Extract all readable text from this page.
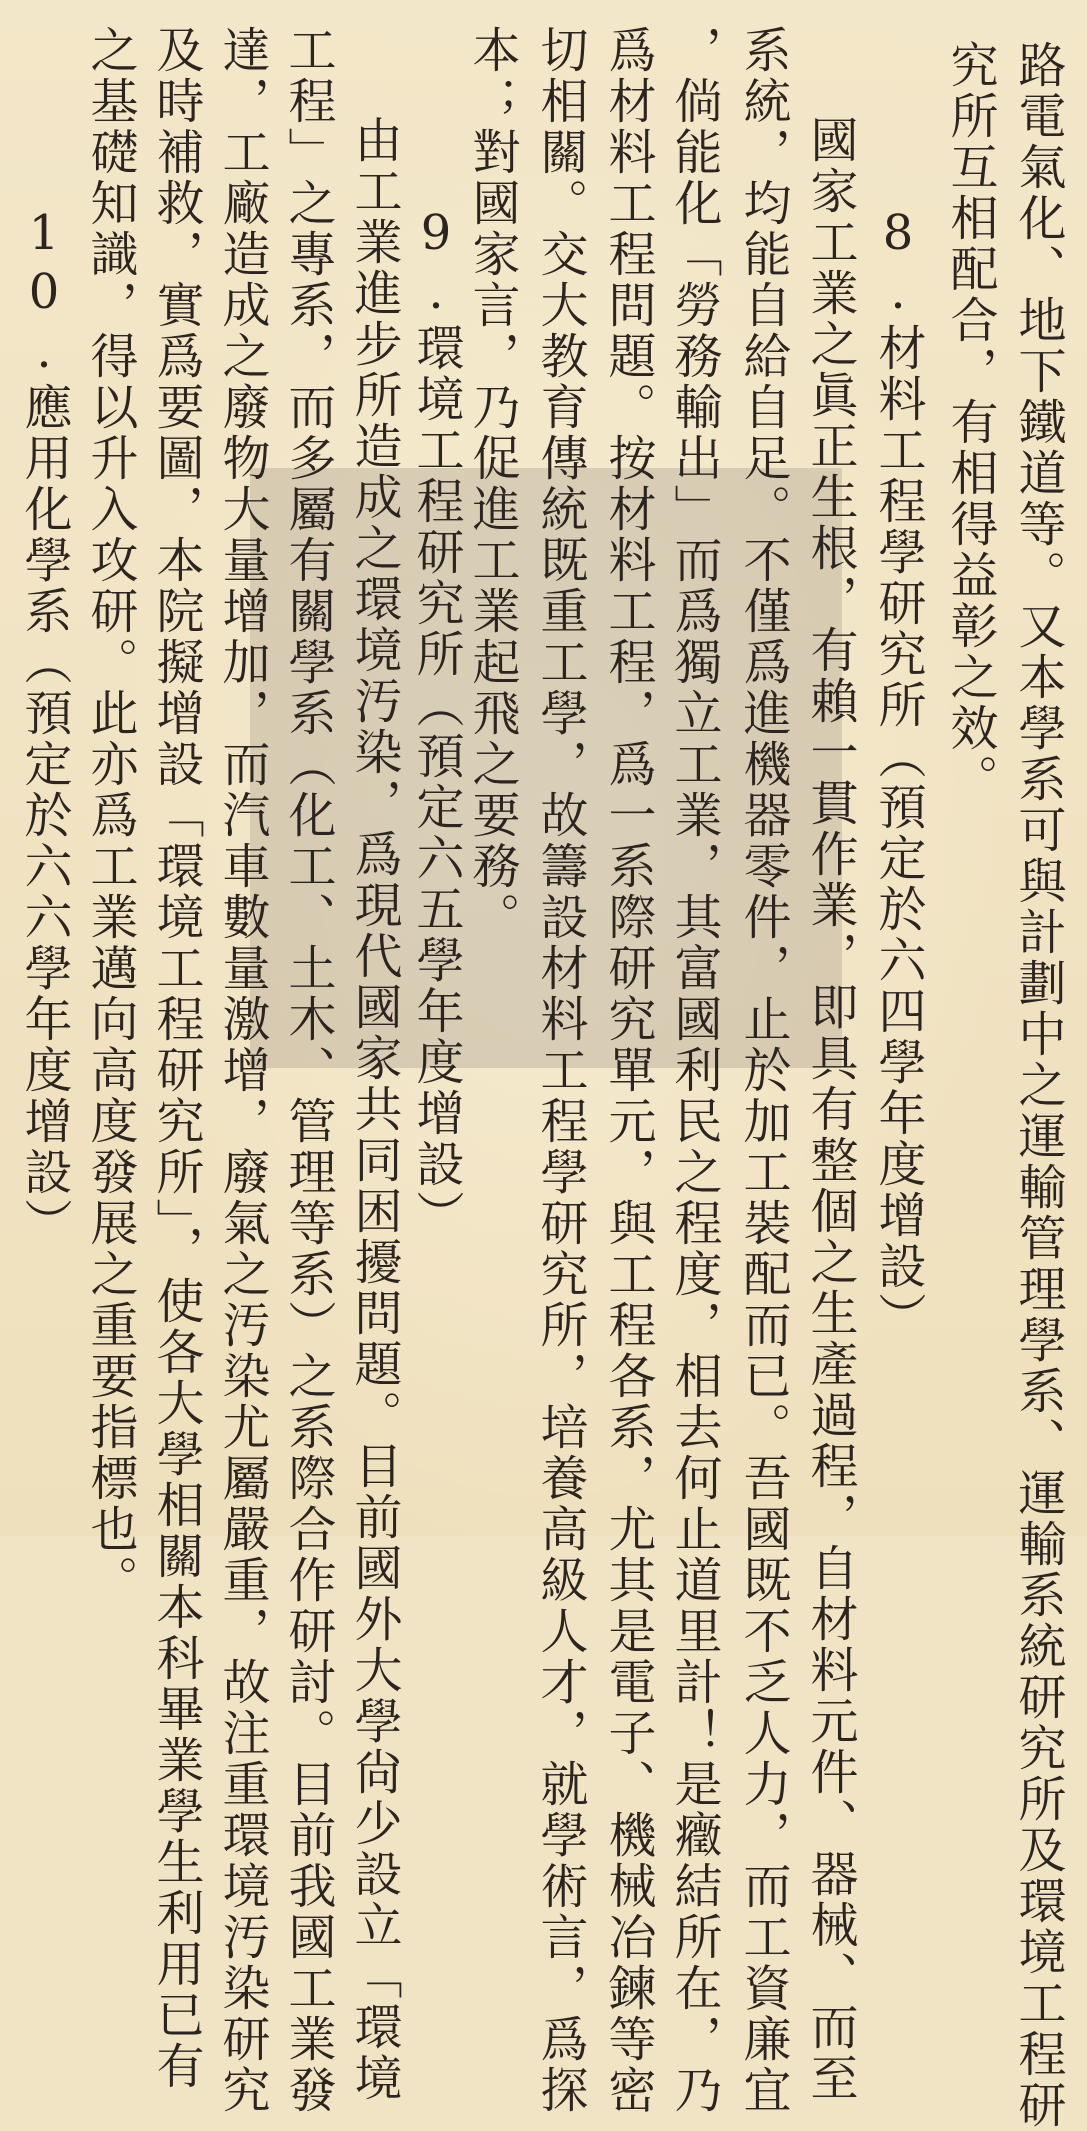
路電氣化、地下鐵道等。又本學系可與計劃中之運輸管理學系、運輸系統研究所及環境工程研
究所互相配合，有相得益彰之效。
8.材料工程學研究所（預定於六四學年度增設）
國家工業之眞正生根，有賴一貫作業，即具有整個之生產過程，自材料元件、器械、而至
系統，均能自給自足。不僅爲進機器零件，止於加工裝配而已。吾國既不乏人力，而工資廉宜
，倘能化「勞務輸出」而爲獨立工業，其富國利民之程度，相去何止道里計！是癥結所在，乃
爲材料工程問題。按材料工程，爲一系際研究單元，與工程各系，尤其是電子、機械冶鍊等密
切相關。交大教育傳統既重工學，故籌設材料工程學研究所，培養高級人才，就學術言，爲探
本；對國家言，乃促進工業起飛之要務。
9.環境工程研究所（預定六五學年度增設）
由工業進步所造成之環境汚染，爲現代國家共同困擾問題。目前國外大學尙少設立「環境
工程」之專系，而多屬有關學系（化工、土木、管理等系）之系際合作研討。目前我國工業發
達，工廠造成之廢物大量增加，而汽車數量激增，廢氣之汚染尤屬嚴重，故注重環境汚染研究
及時補救，實爲要圖，本院擬增設「環境工程研究所」，使各大學相關本科畢業學生利用已有
之基礎知識，得以升入攻研。此亦爲工業邁向高度發展之重要指標也。
10.應用化學系（預定於六六學年度增設）
